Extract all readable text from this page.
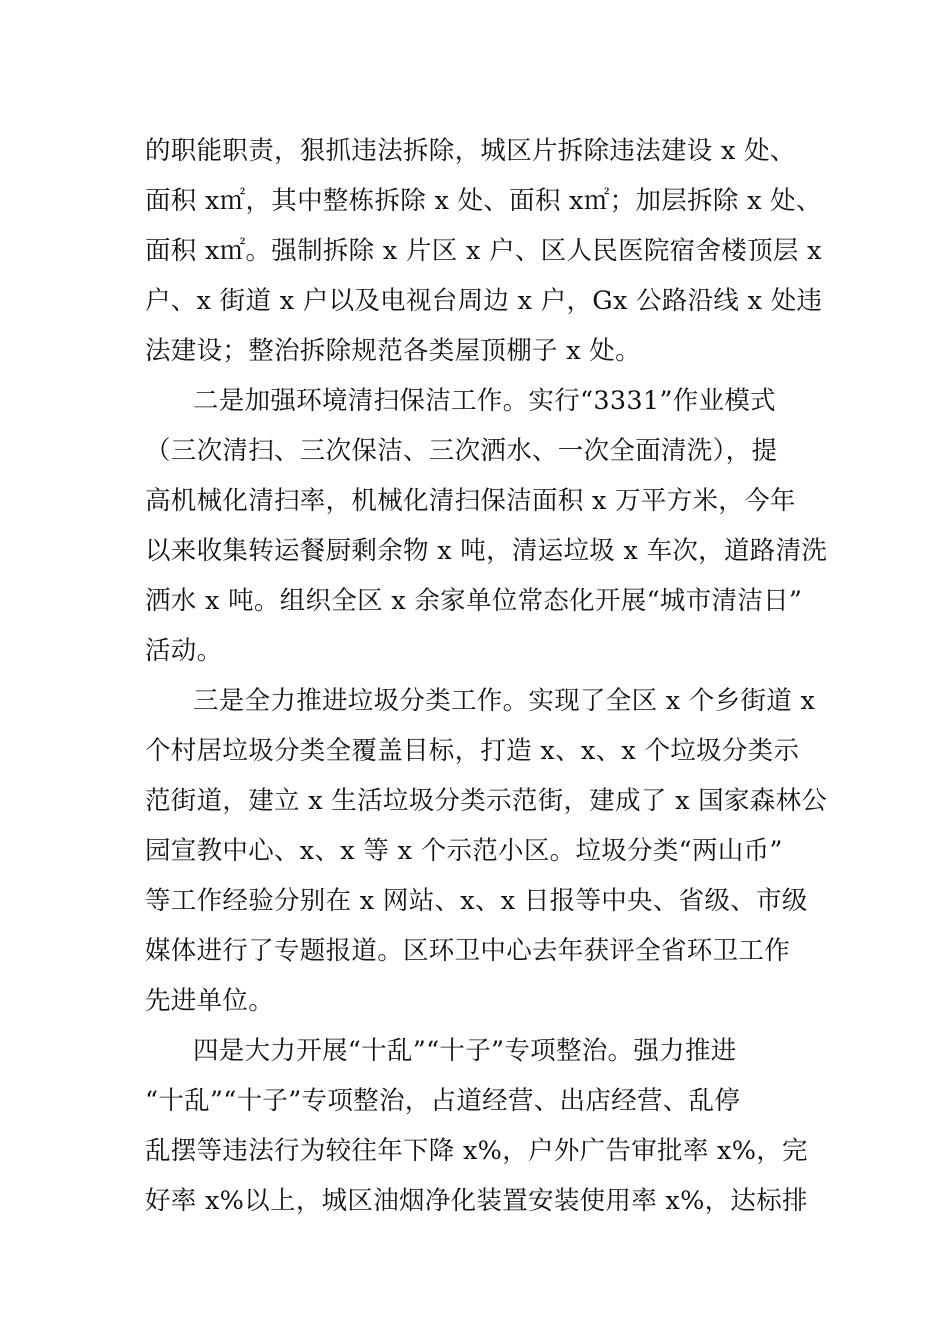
的职能职责，狠抓违法拆除，城区片拆除违法建设 x 处、
面积 x㎡，其中整栋拆除 x 处、面积 x㎡；加层拆除 x 处、
面积 x㎡。强制拆除 x 片区 x 户、区人民医院宿舍楼顶层 x
户、x 街道 x 户以及电视台周边 x 户，Gx 公路沿线 x 处违
法建设；整治拆除规范各类屋顶棚子 x 处。
二是加强环境清扫保洁工作。实行“3331”作业模式
（三次清扫、三次保洁、三次洒水、一次全面清洗），提
高机械化清扫率，机械化清扫保洁面积 x 万平方米，今年
以来收集转运餐厨剩余物 x 吨，清运垃圾 x 车次，道路清洗
洒水 x 吨。组织全区 x 余家单位常态化开展“城市清洁日”
活动。
三是全力推进垃圾分类工作。实现了全区 x 个乡街道 x
个村居垃圾分类全覆盖目标，打造 x、x、x 个垃圾分类示
范街道，建立 x 生活垃圾分类示范街，建成了 x 国家森林公
园宣教中心、x、x 等 x 个示范小区。垃圾分类“两山币”
等工作经验分别在 x 网站、x、x 日报等中央、省级、市级
媒体进行了专题报道。区环卫中心去年获评全省环卫工作
先进单位。
四是大力开展“十乱”“十子”专项整治。强力推进
“十乱”“十子”专项整治，占道经营、出店经营、乱停
乱摆等违法行为较往年下降 x%，户外广告审批率 x%，完
好率 x%以上，城区油烟净化装置安装使用率 x%，达标排
